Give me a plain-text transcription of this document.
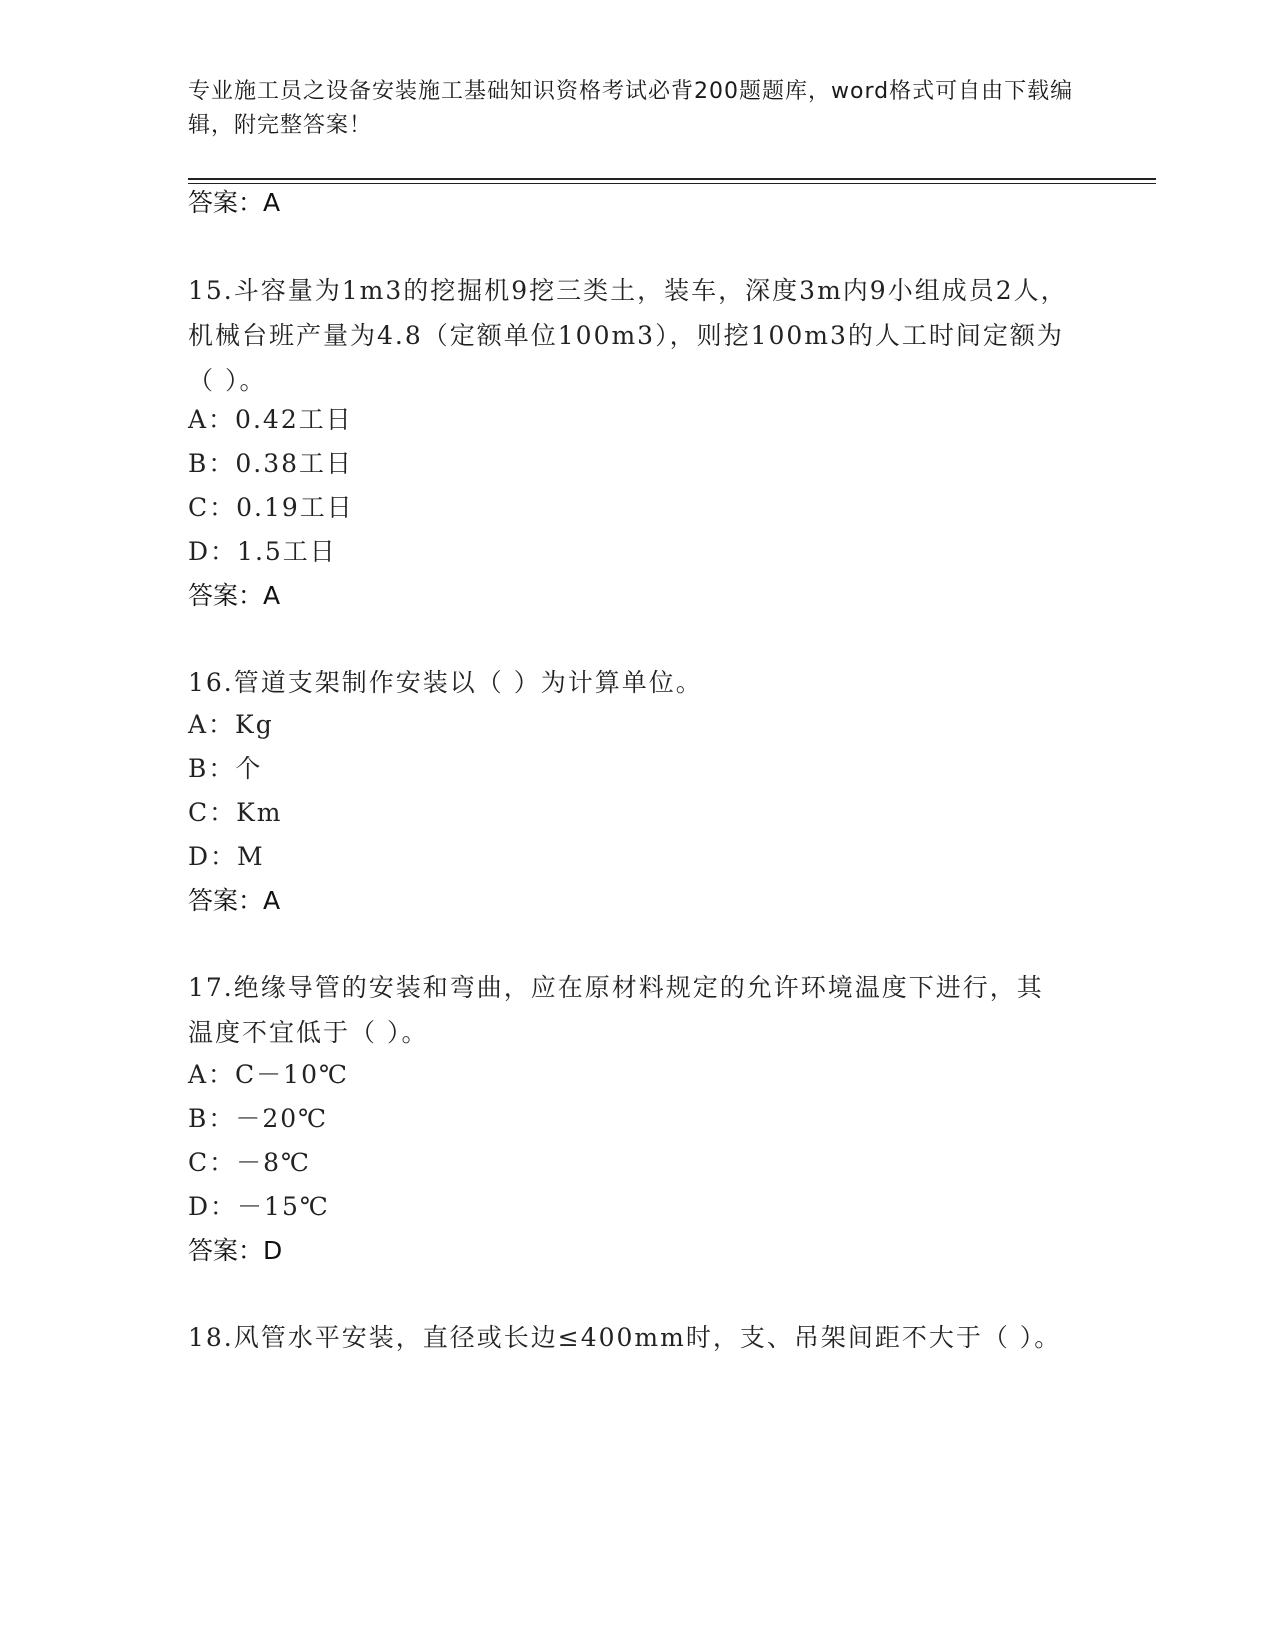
专业施工员之设备安装施工基础知识资格考试必背200题题库，word格式可自由下载编辑，附完整答案！
答案：A
15.斗容量为1m3的挖掘机9挖三类土，装车，深度3m内9小组成员2人，机械台班产量为4.8（定额单位100m3），则挖100m3的人工时间定额为（ ）。
A：0.42工日
B：0.38工日
C：0.19工日
D：1.5工日
答案：A
16.管道支架制作安装以（ ）为计算单位。
A：Kg
B：个
C：Km
D：M
答案：A
17.绝缘导管的安装和弯曲，应在原材料规定的允许环境温度下进行，其温度不宜低于（ ）。
A：C－10℃
B：－20℃
C：－8℃
D：－15℃
答案：D
18.风管水平安装，直径或长边≤400mm时，支、吊架间距不大于（ ）。
